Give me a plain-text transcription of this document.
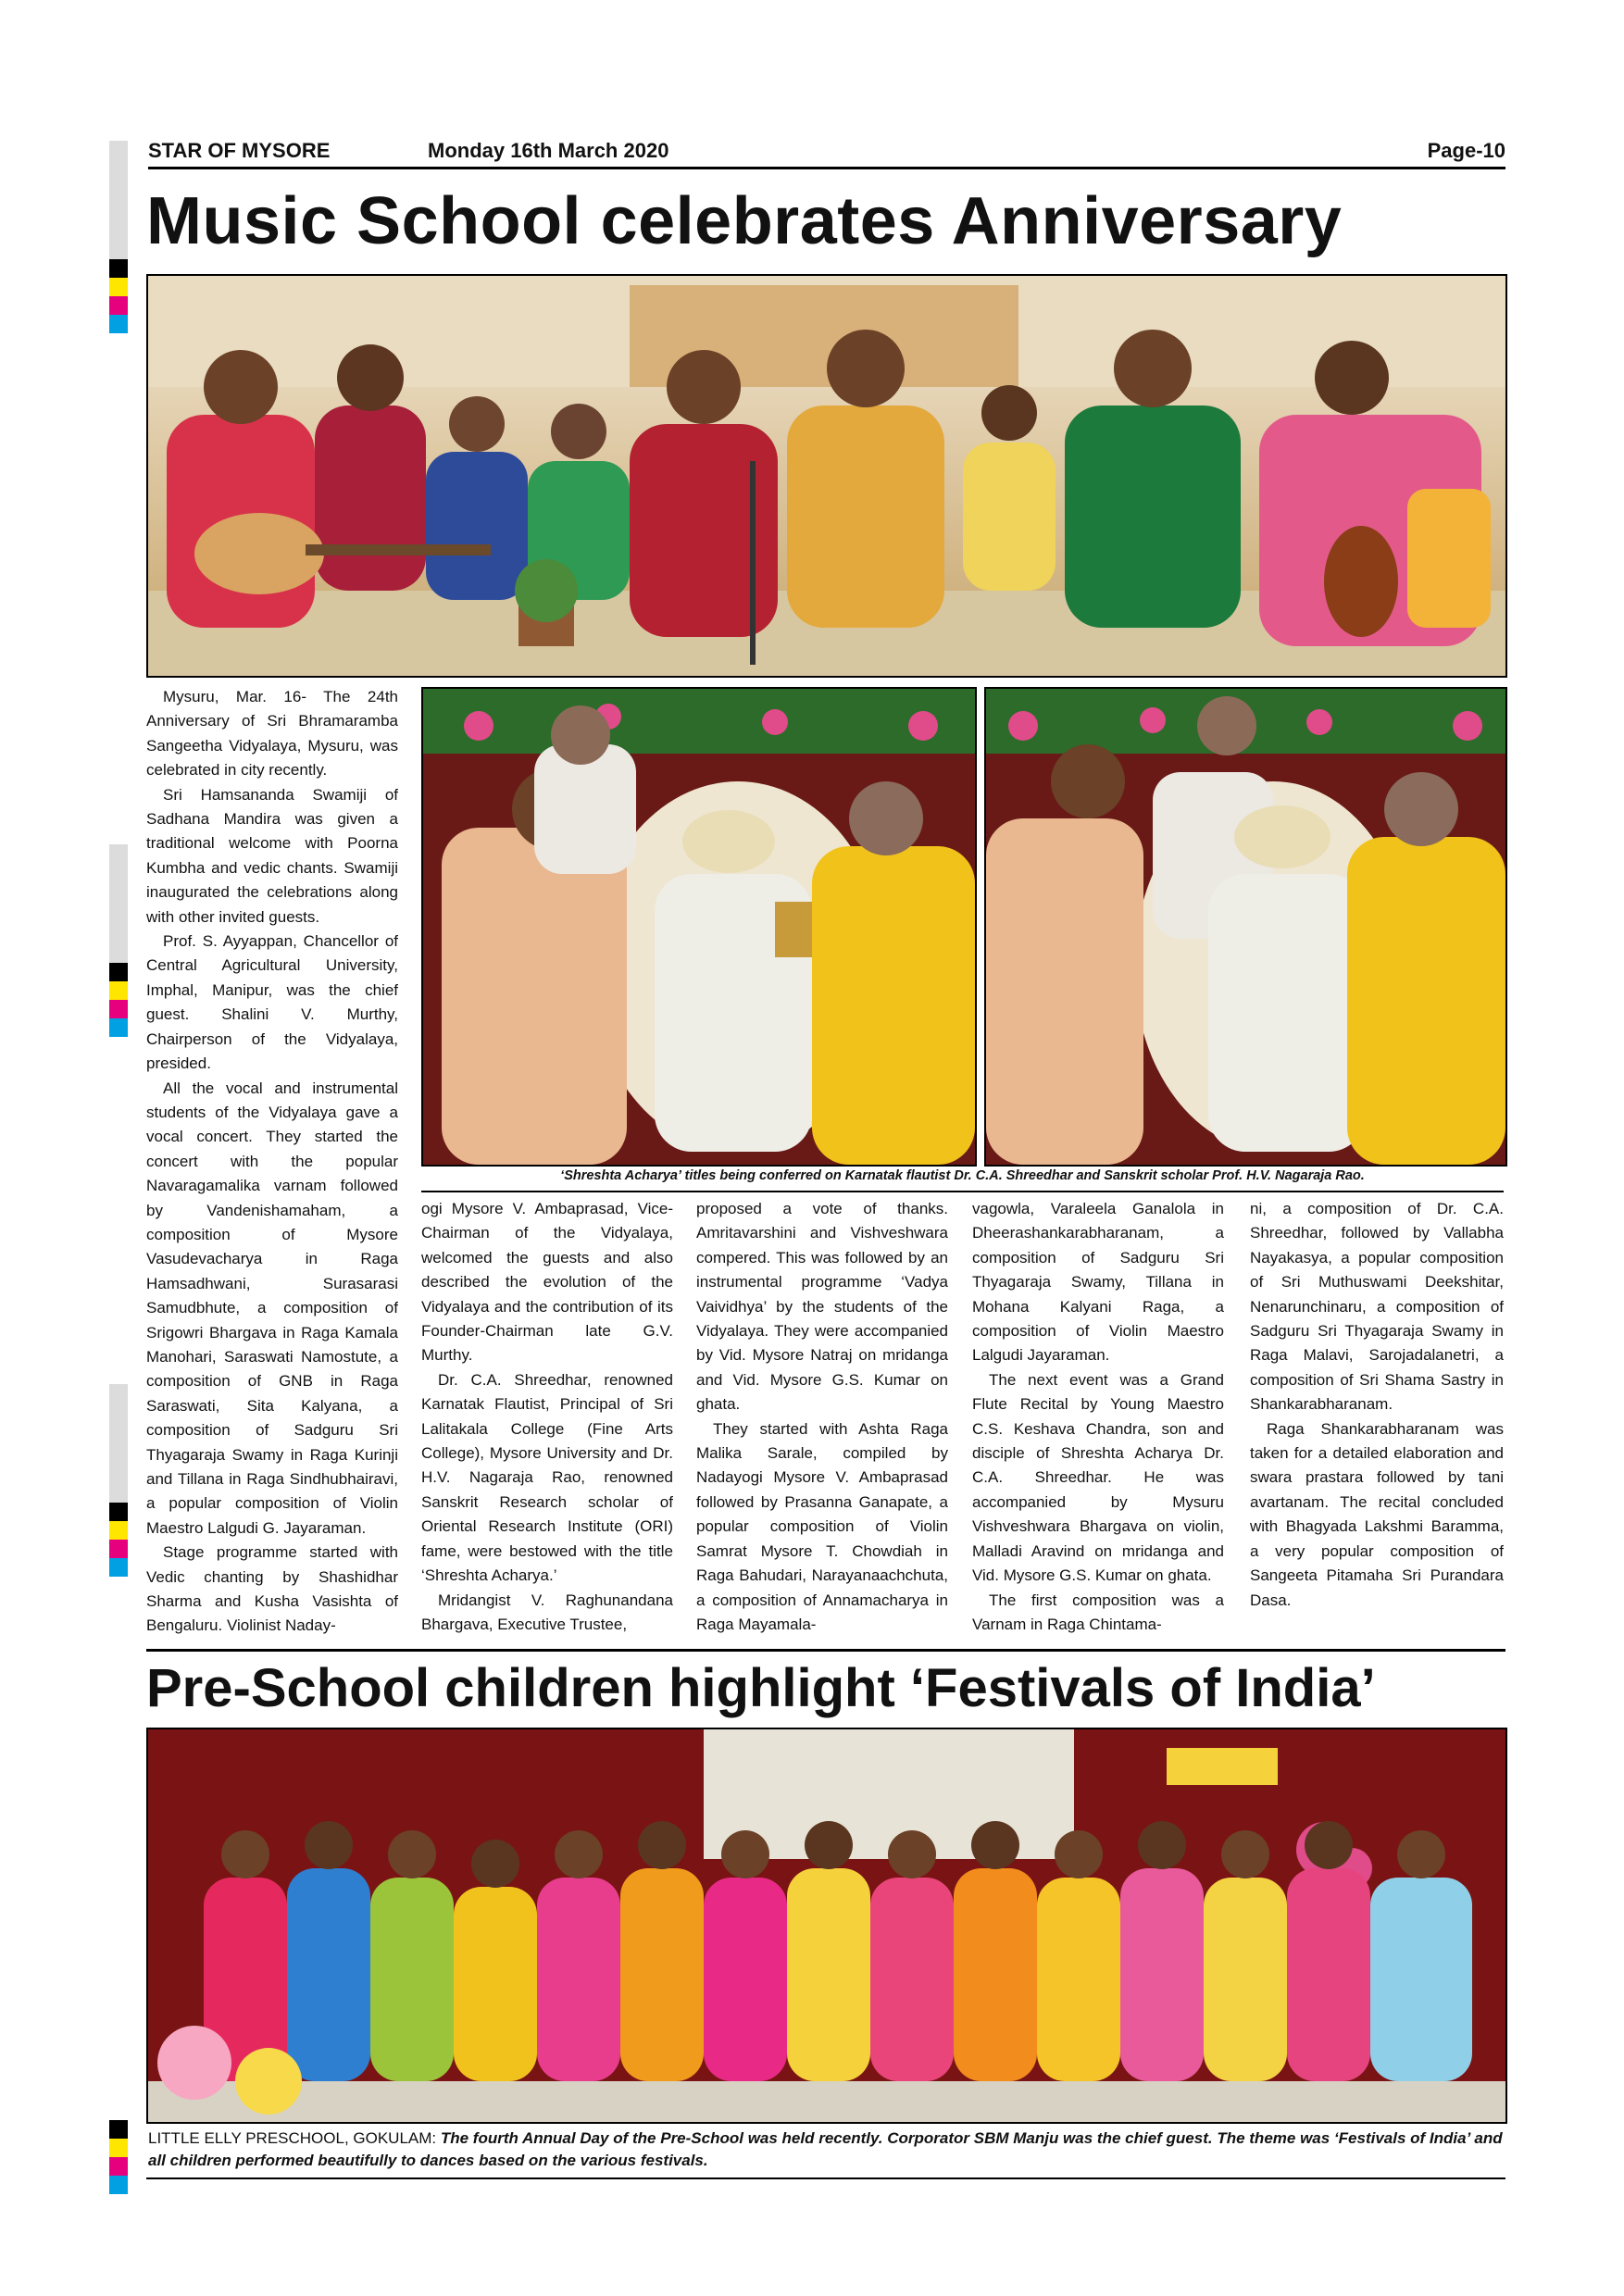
STAR OF MYSORE	Monday 16th March 2020	Page-10
Music School celebrates Anniversary

Mysuru, Mar. 16- The 24th Anniversary of Sri Bhramaramba Sangeetha Vidyalaya, Mysuru, was celebrated in city recently.

Sri Hamsananda Swamiji of Sadhana Mandira was given a traditional welcome with Poorna Kumbha and vedic chants. Swamiji inaugurated the celebrations along with other invited guests.

Prof. S. Ayyappan, Chancellor of Central Agricultural University, Imphal, Manipur, was the chief guest. Shalini V. Murthy, Chairperson of the Vidyalaya, presided.

All the vocal and instrumental students of the Vidyalaya gave a vocal concert. They started the concert with the popular Navaragamalika varnam followed by Vandenishamaham, a composition of Mysore Vasudevacharya in Raga Hamsadhwani, Surasarasi Samudbhute, a composition of Srigowri Bhargava in Raga Kamala Manohari, Saraswati Namostute, a composition of GNB in Raga Saraswati, Sita Kalyana, a composition of Sadguru Sri Thyagaraja Swamy in Raga Kurinji and Tillana in Raga Sindhubhairavi, a popular composition of Violin Maestro Lalgudi G. Jayaraman.

Stage programme started with Vedic chanting by Shashidhar Sharma and Kusha Vasishta of Bengaluru. Violinist Naday-

‘Shreshta Acharya’ titles being conferred on Karnatak flautist Dr. C.A. Shreedhar and Sanskrit scholar Prof. H.V. Nagaraja Rao.

ogi Mysore V. Ambaprasad, Vice-Chairman of the Vidyalaya, welcomed the guests and also described the evolution of the Vidyalaya and the contribution of its Founder-Chairman late G.V. Murthy.

Dr. C.A. Shreedhar, renowned Karnatak Flautist, Principal of Sri Lalitakala College (Fine Arts College), Mysore University and Dr. H.V. Nagaraja Rao, renowned Sanskrit Research scholar of Oriental Research Institute (ORI) fame, were bestowed with the title ‘Shreshta Acharya.’

Mridangist V. Raghunandana Bhargava, Executive Trustee,

proposed a vote of thanks. Amritavarshini and Vishveshwara compered. This was followed by an instrumental programme ‘Vadya Vaividhya’ by the students of the Vidyalaya. They were accompanied by Vid. Mysore Natraj on mridanga and Vid. Mysore G.S. Kumar on ghata.

They started with Ashta Raga Malika Sarale, compiled by Nadayogi Mysore V. Ambaprasad followed by Prasanna Ganapate, a popular composition of Violin Samrat Mysore T. Chowdiah in Raga Bahudari, Narayanaachchuta, a composition of Annamacharya in Raga Mayamala-

vagowla, Varaleela Ganalola in Dheerashankarabharanam, a composition of Sadguru Sri Thyagaraja Swamy, Tillana in Mohana Kalyani Raga, a composition of Violin Maestro Lalgudi Jayaraman.

The next event was a Grand Flute Recital by Young Maestro C.S. Keshava Chandra, son and disciple of Shreshta Acharya Dr. C.A. Shreedhar. He was accompanied by Mysuru Vishveshwara Bhargava on violin, Malladi Aravind on mridanga and Vid. Mysore G.S. Kumar on ghata.

The first composition was a Varnam in Raga Chintama-

ni, a composition of Dr. C.A. Shreedhar, followed by Vallabha Nayakasya, a popular composition of Sri Muthuswami Deekshitar, Nenarunchinaru, a composition of Sadguru Sri Thyagaraja Swamy in Raga Malavi, Sarojadalanetri, a composition of Sri Shama Sastry in Shankarabharanam.

Raga Shankarabharanam was taken for a detailed elaboration and swara prastara followed by tani avartanam. The recital concluded with Bhagyada Lakshmi Baramma, a very popular composition of Sangeeta Pitamaha Sri Purandara Dasa.

Pre-School children highlight ‘Festivals of India’
LITTLE ELLY PRESCHOOL, GOKULAM: The fourth Annual Day of the Pre-School was held recently. Corporator SBM Manju was the chief guest. The theme was ‘Festivals of India’ and all children performed beautifully to dances based on the various festivals.
